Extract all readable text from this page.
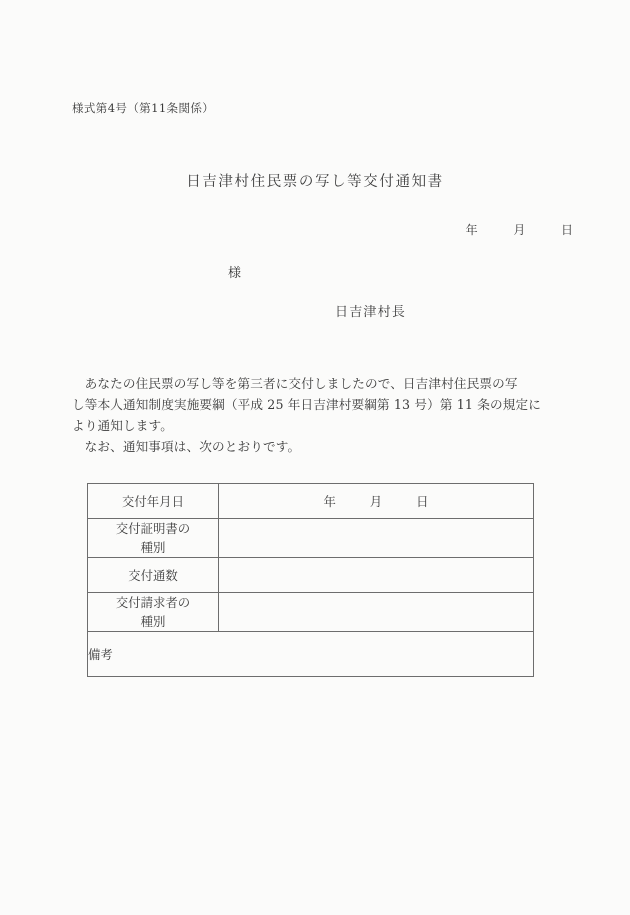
様式第4号（第11条関係）
日吉津村住民票の写し等交付通知書
年	月	日
様
日吉津村長

あなたの住民票の写し等を第三者に交付しましたので、日吉津村住民票の写

し等本人通知制度実施要綱（平成 25 年日吉津村要綱第 13 号）第 11 条の規定に

より通知します。

なお、通知事項は、次のとおりです。

交付年月日	年 月 日

交付証明書の
種別	

交付通数	

交付請求者の
種別	

備考	
